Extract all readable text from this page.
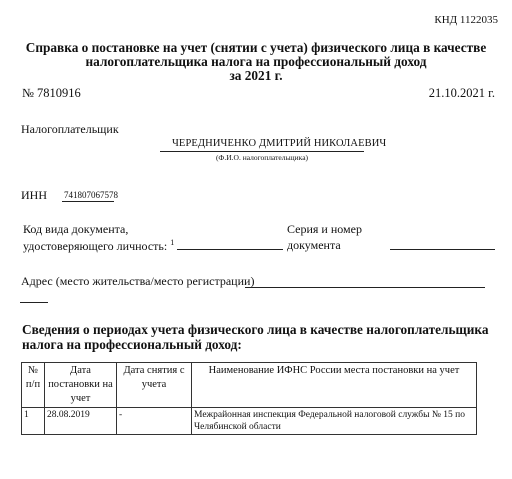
КНД 1122035
Справка о постановке на учет (снятии с учета) физического лица в качестве
налогоплательщика налога на профессиональный доход
за 2021 г.
№ 7810916	21.10.2021 г.
Налогоплательщик
ЧЕРЕДНИЧЕНКО ДМИТРИЙ НИКОЛАЕВИЧ
(Ф.И.О. налогоплательщика)
ИНН 741807067578
Код вида документа,
удостоверяющего личность: $^1$
Серия и номер
документа
Адрес (место жительства/место регистрации)
Сведения о периодах учета физического лица в качестве налогоплательщика налога на профессиональный доход:
№ п/п	Дата постановки на учет	Дата снятия с учета	Наименование ИФНС России места постановки на учет
1	28.08.2019	-	Межрайонная инспекция Федеральной налоговой службы № 15 по Челябинской области
